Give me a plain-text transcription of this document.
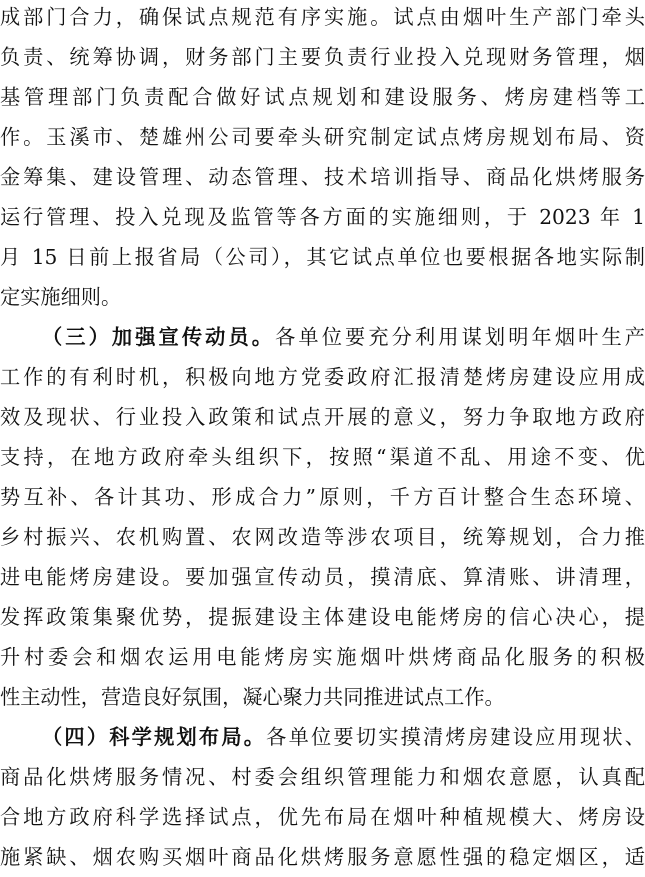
成部门合力，确保试点规范有序实施。试点由烟叶生产部门牵头
负责、统筹协调，财务部门主要负责行业投入兑现财务管理，烟
基管理部门负责配合做好试点规划和建设服务、烤房建档等工
作。玉溪市、楚雄州公司要牵头研究制定试点烤房规划布局、资
金筹集、建设管理、动态管理、技术培训指导、商品化烘烤服务
运行管理、投入兑现及监管等各方面的实施细则，于 2023 年 1
月 15 日前上报省局（公司），其它试点单位也要根据各地实际制
定实施细则。
（三）加强宣传动员。各单位要充分利用谋划明年烟叶生产
工作的有利时机，积极向地方党委政府汇报清楚烤房建设应用成
效及现状、行业投入政策和试点开展的意义，努力争取地方政府
支持，在地方政府牵头组织下，按照“渠道不乱、用途不变、优
势互补、各计其功、形成合力”原则，千方百计整合生态环境、
乡村振兴、农机购置、农网改造等涉农项目，统筹规划，合力推
进电能烤房建设。要加强宣传动员，摸清底、算清账、讲清理，
发挥政策集聚优势，提振建设主体建设电能烤房的信心决心，提
升村委会和烟农运用电能烤房实施烟叶烘烤商品化服务的积极
性主动性，营造良好氛围，凝心聚力共同推进试点工作。
（四）科学规划布局。各单位要切实摸清烤房建设应用现状、
商品化烘烤服务情况、村委会组织管理能力和烟农意愿，认真配
合地方政府科学选择试点，优先布局在烟叶种植规模大、烤房设
施紧缺、烟农购买烟叶商品化烘烤服务意愿性强的稳定烟区，适
